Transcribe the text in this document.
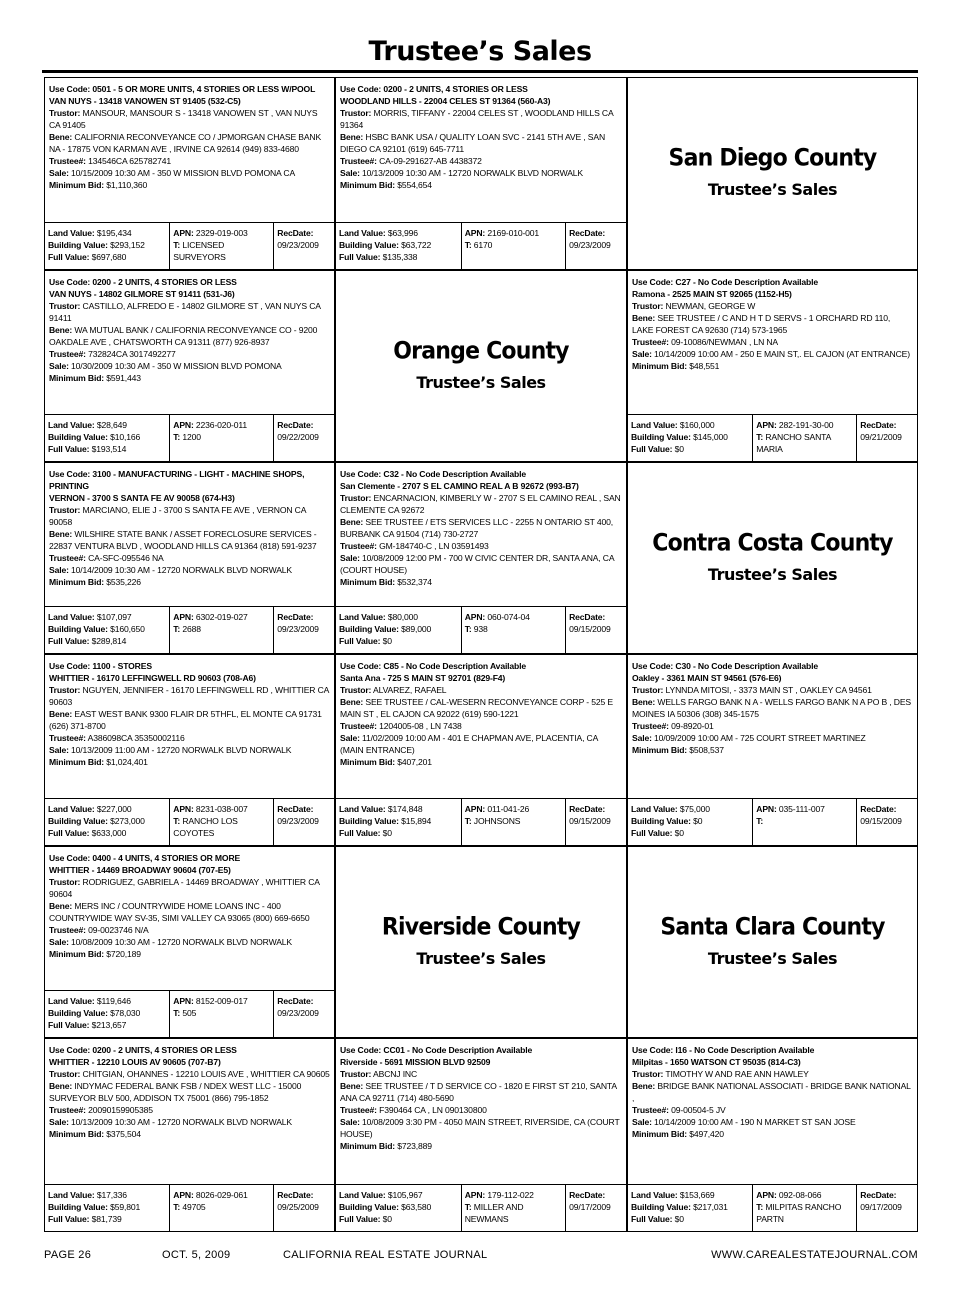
Trustee’s Sales
Use Code: 0501 - 5 OR MORE UNITS, 4 STORIES OR LESS W/POOL
VAN NUYS - 13418 VANOWEN ST 91405 (532-C5)
Trustor: MANSOUR, MANSOUR S - 13418 VANOWEN ST , VAN NUYS CA 91405
Bene: CALIFORNIA RECONVEYANCE CO / JPMORGAN CHASE BANK NA - 17875 VON KARMAN AVE , IRVINE CA 92614 (949) 833-4680
Trustee#: 134546CA 625782741
Sale: 10/15/2009 10:30 AM - 350 W MISSION BLVD POMONA CA
Minimum Bid: $1,110,360
Land Value: $195,434
Building Value: $293,152
Full Value: $697,680
APN: 2329-019-003
T: LICENSED SURVEYORS
RecDate:
09/23/2009
Use Code: 0200 - 2 UNITS, 4 STORIES OR LESS
WOODLAND HILLS - 22004 CELES ST 91364 (560-A3)
Trustor: MORRIS, TIFFANY - 22004 CELES ST , WOODLAND HILLS CA 91364
Bene: HSBC BANK USA / QUALITY LOAN SVC - 2141 5TH AVE , SAN DIEGO CA 92101 (619) 645-7711
Trustee#: CA-09-291627-AB 4438372
Sale: 10/13/2009 10:30 AM - 12720 NORWALK BLVD NORWALK
Minimum Bid: $554,654
Land Value: $63,996
Building Value: $63,722
Full Value: $135,338
APN: 2169-010-001
T: 6170
RecDate:
09/23/2009
San Diego County
Trustee’s Sales
Use Code: 0200 - 2 UNITS, 4 STORIES OR LESS
VAN NUYS - 14802 GILMORE ST 91411 (531-J6)
Trustor: CASTILLO, ALFREDO E - 14802 GILMORE ST , VAN NUYS CA 91411
Bene: WA MUTUAL BANK / CALIFORNIA RECONVEYANCE CO - 9200 OAKDALE AVE , CHATSWORTH CA 91311 (877) 926-8937
Trustee#: 732824CA 3017492277
Sale: 10/30/2009 10:30 AM - 350 W MISSION BLVD POMONA
Minimum Bid: $591,443
Land Value: $28,649
Building Value: $10,166
Full Value: $193,514
APN: 2236-020-011
T: 1200
RecDate:
09/22/2009
Orange County
Trustee’s Sales
Use Code: C27 - No Code Description Available
Ramona - 2525 MAIN ST 92065 (1152-H5)
Trustor: NEWMAN, GEORGE W
Bene: SEE TRUSTEE / C AND H T D SERVS - 1 ORCHARD RD 110, LAKE FOREST CA 92630 (714) 573-1965
Trustee#: 09-10086/NEWMAN , LN NA
Sale: 10/14/2009 10:00 AM - 250 E MAIN ST,. EL CAJON (AT ENTRANCE)
Minimum Bid: $48,551
Land Value: $160,000
Building Value: $145,000
Full Value: $0
APN: 282-191-30-00
T: RANCHO SANTA MARIA
RecDate:
09/21/2009
Use Code: 3100 - MANUFACTURING - LIGHT - MACHINE SHOPS, PRINTING
VERNON - 3700 S SANTA FE AV 90058 (674-H3)
Trustor: MARCIANO, ELIE J - 3700 S SANTA FE AVE , VERNON CA 90058
Bene: WILSHIRE STATE BANK / ASSET FORECLOSURE SERVICES - 22837 VENTURA BLVD , WOODLAND HILLS CA 91364 (818) 591-9237
Trustee#: CA-SFC-095546 NA
Sale: 10/14/2009 10:30 AM - 12720 NORWALK BLVD NORWALK
Minimum Bid: $535,226
Land Value: $107,097
Building Value: $160,650
Full Value: $289,814
APN: 6302-019-027
T: 2688
RecDate:
09/23/2009
Use Code: C32 - No Code Description Available
San Clemente - 2707 S EL CAMINO REAL A B 92672 (993-B7)
Trustor: ENCARNACION, KIMBERLY W - 2707 S EL CAMINO REAL , SAN CLEMENTE CA 92672
Bene: SEE TRUSTEE / ETS SERVICES LLC - 2255 N ONTARIO ST 400, BURBANK CA 91504 (714) 730-2727
Trustee#: GM-184740-C , LN 03591493
Sale: 10/08/2009 12:00 PM - 700 W CIVIC CENTER DR, SANTA ANA, CA (COURT HOUSE)
Minimum Bid: $532,374
Land Value: $80,000
Building Value: $89,000
Full Value: $0
APN: 060-074-04
T: 938
RecDate:
09/15/2009
Contra Costa County
Trustee’s Sales
Use Code: 1100 - STORES
WHITTIER - 16170 LEFFINGWELL RD 90603 (708-A6)
Trustor: NGUYEN, JENNIFER - 16170 LEFFINGWELL RD , WHITTIER CA 90603
Bene: EAST WEST BANK 9300 FLAIR DR 5THFL, EL MONTE CA 91731 (626) 371-8700
Trustee#: A386098CA 35350002116
Sale: 10/13/2009 11:00 AM - 12720 NORWALK BLVD NORWALK
Minimum Bid: $1,024,401
Land Value: $227,000
Building Value: $273,000
Full Value: $633,000
APN: 8231-038-007
T: RANCHO LOS COYOTES
RecDate:
09/23/2009
Use Code: C85 - No Code Description Available
Santa Ana - 725 S MAIN ST 92701 (829-F4)
Trustor: ALVAREZ, RAFAEL
Bene: SEE TRUSTEE / CAL-WESERN RECONVEYANCE CORP - 525 E MAIN ST , EL CAJON CA 92022 (619) 590-1221
Trustee#: 1204005-08 , LN 7438
Sale: 11/02/2009 10:00 AM - 401 E CHAPMAN AVE, PLACENTIA, CA (MAIN ENTRANCE)
Minimum Bid: $407,201
Land Value: $174,848
Building Value: $15,894
Full Value: $0
APN: 011-041-26
T: JOHNSONS
RecDate:
09/15/2009
Use Code: C30 - No Code Description Available
Oakley - 3361 MAIN ST 94561 (576-E6)
Trustor: LYNNDA MITOSI, - 3373 MAIN ST , OAKLEY CA 94561
Bene: WELLS FARGO BANK N A - WELLS FARGO BANK N A PO B , DES MOINES IA 50306 (308) 345-1575
Trustee#: 09-8920-01
Sale: 10/09/2009 10:00 AM - 725 COURT STREET MARTINEZ
Minimum Bid: $508,537
Land Value: $75,000
Building Value: $0
Full Value: $0
APN: 035-111-007
T:
RecDate:
09/15/2009
Use Code: 0400 - 4 UNITS, 4 STORIES OR MORE
WHITTIER - 14469 BROADWAY 90604 (707-E5)
Trustor: RODRIGUEZ, GABRIELA - 14469 BROADWAY , WHITTIER CA 90604
Bene: MERS INC / COUNTRYWIDE HOME LOANS INC - 400 COUNTRYWIDE WAY SV-35, SIMI VALLEY CA 93065 (800) 669-6650
Trustee#: 09-0023746 N/A
Sale: 10/08/2009 10:30 AM - 12720 NORWALK BLVD NORWALK
Minimum Bid: $720,189
Land Value: $119,646
Building Value: $78,030
Full Value: $213,657
APN: 8152-009-017
T: 505
RecDate:
09/23/2009
Riverside County
Trustee’s Sales
Santa Clara County
Trustee’s Sales
Use Code: 0200 - 2 UNITS, 4 STORIES OR LESS
WHITTIER - 12210 LOUIS AV 90605 (707-B7)
Trustor: CHITGIAN, OHANNES - 12210 LOUIS AVE , WHITTIER CA 90605
Bene: INDYMAC FEDERAL BANK FSB / NDEX WEST LLC - 15000 SURVEYOR BLV 500, ADDISON TX 75001 (866) 795-1852
Trustee#: 20090159905385
Sale: 10/13/2009 10:30 AM - 12720 NORWALK BLVD NORWALK
Minimum Bid: $375,504
Land Value: $17,336
Building Value: $59,801
Full Value: $81,739
APN: 8026-029-061
T: 49705
RecDate:
09/25/2009
Use Code: CC01 - No Code Description Available
Riverside - 5691 MISSION BLVD 92509
Trustor: ABCNJ INC
Bene: SEE TRUSTEE / T D SERVICE CO - 1820 E FIRST ST 210, SANTA ANA CA 92711 (714) 480-5690
Trustee#: F390464 CA , LN 090130800
Sale: 10/08/2009 3:30 PM - 4050 MAIN STREET, RIVERSIDE, CA (COURT HOUSE)
Minimum Bid: $723,889
Land Value: $105,967
Building Value: $63,580
Full Value: $0
APN: 179-112-022
T: MILLER AND NEWMANS
RecDate:
09/17/2009
Use Code: I16 - No Code Description Available
Milpitas - 1650 WATSON CT 95035 (814-C3)
Trustor: TIMOTHY W AND RAE ANN HAWLEY
Bene: BRIDGE BANK NATIONAL ASSOCIATI - BRIDGE BANK NATIONAL ,
Trustee#: 09-00504-5 JV
Sale: 10/14/2009 10:00 AM - 190 N MARKET ST SAN JOSE
Minimum Bid: $497,420
Land Value: $153,669
Building Value: $217,031
Full Value: $0
APN: 092-08-066
T: MILPITAS RANCHO PARTN
RecDate:
09/17/2009
PAGE 26	OCT. 5, 2009	CALIFORNIA REAL ESTATE JOURNAL	WWW.CAREALESTATEJOURNAL.COM
